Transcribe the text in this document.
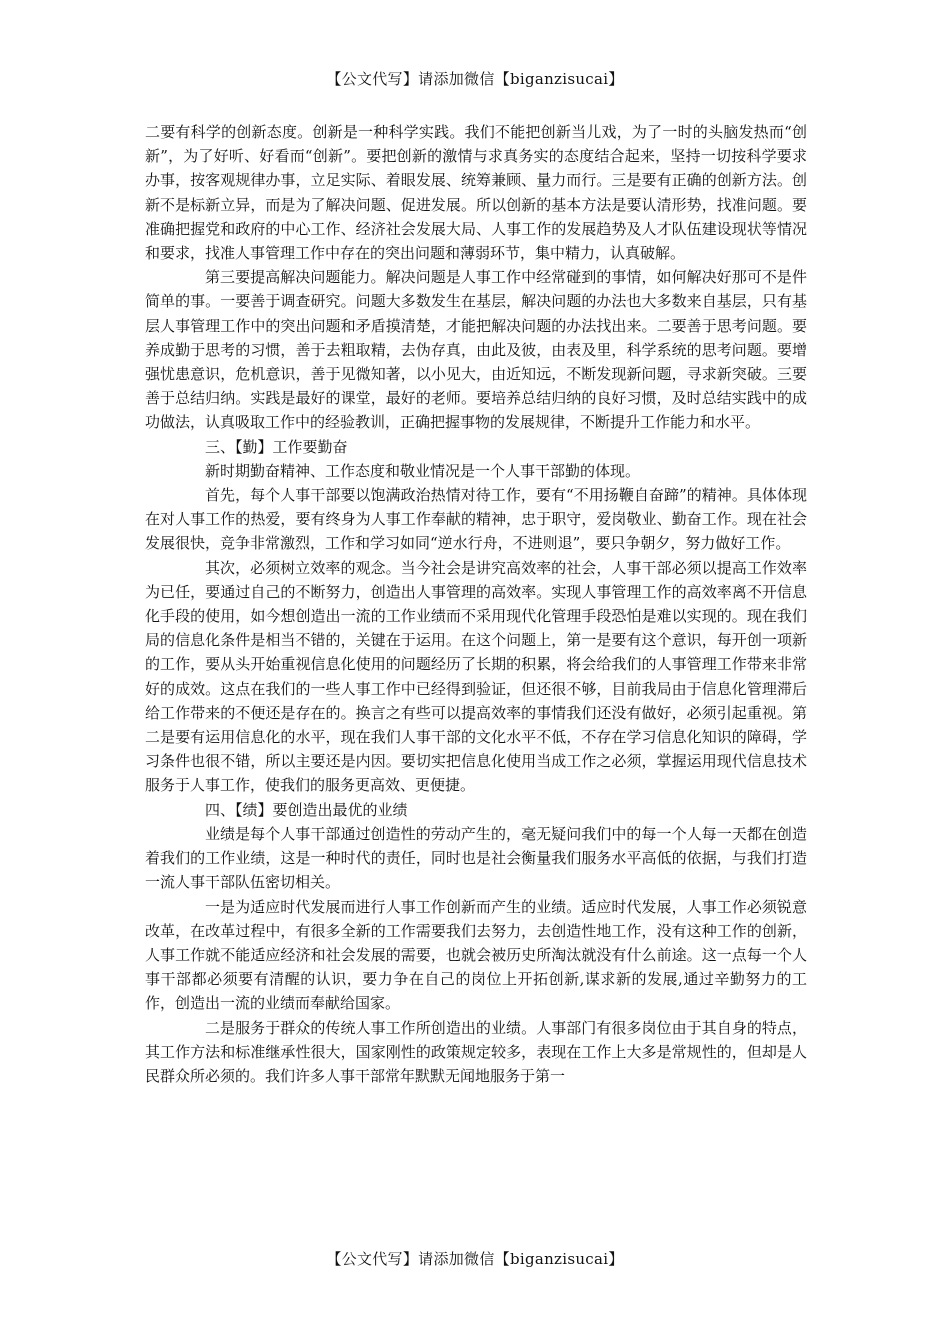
【公文代写】请添加微信【biganzisucai】

二要有科学的创新态度。创新是一种科学实践。我们不能把创新当儿戏，为了一时的头脑发热而“创新”，为了好听、好看而“创新”。要把创新的激情与求真务实的态度结合起来，坚持一切按科学要求办事，按客观规律办事，立足实际、着眼发展、统筹兼顾、量力而行。三是要有正确的创新方法。创新不是标新立异，而是为了解决问题、促进发展。所以创新的基本方法是要认清形势，找准问题。要准确把握党和政府的中心工作、经济社会发展大局、人事工作的发展趋势及人才队伍建设现状等情况和要求，找准人事管理工作中存在的突出问题和薄弱环节，集中精力，认真破解。

第三要提高解决问题能力。解决问题是人事工作中经常碰到的事情，如何解决好那可不是件简单的事。一要善于调查研究。问题大多数发生在基层，解决问题的办法也大多数来自基层，只有基层人事管理工作中的突出问题和矛盾摸清楚，才能把解决问题的办法找出来。二要善于思考问题。要养成勤于思考的习惯，善于去粗取精，去伪存真，由此及彼，由表及里，科学系统的思考问题。要增强忧患意识，危机意识，善于见微知著，以小见大，由近知远，不断发现新问题，寻求新突破。三要善于总结归纳。实践是最好的课堂，最好的老师。要培养总结归纳的良好习惯，及时总结实践中的成功做法，认真吸取工作中的经验教训，正确把握事物的发展规律，不断提升工作能力和水平。

三、【勤】工作要勤奋

新时期勤奋精神、工作态度和敬业情况是一个人事干部勤的体现。

首先，每个人事干部要以饱满政治热情对待工作，要有“不用扬鞭自奋蹄”的精神。具体体现在对人事工作的热爱，要有终身为人事工作奉献的精神，忠于职守，爱岗敬业、勤奋工作。现在社会发展很快，竞争非常激烈，工作和学习如同“逆水行舟，不进则退”，要只争朝夕，努力做好工作。

其次，必须树立效率的观念。当今社会是讲究高效率的社会，人事干部必须以提高工作效率为已任，要通过自己的不断努力，创造出人事管理的高效率。实现人事管理工作的高效率离不开信息化手段的使用，如今想创造出一流的工作业绩而不采用现代化管理手段恐怕是难以实现的。现在我们局的信息化条件是相当不错的，关键在于运用。在这个问题上，第一是要有这个意识，每开创一项新的工作，要从头开始重视信息化使用的问题经历了长期的积累，将会给我们的人事管理工作带来非常好的成效。这点在我们的一些人事工作中已经得到验证，但还很不够，目前我局由于信息化管理滞后给工作带来的不便还是存在的。换言之有些可以提高效率的事情我们还没有做好，必须引起重视。第二是要有运用信息化的水平，现在我们人事干部的文化水平不低，不存在学习信息化知识的障碍，学习条件也很不错，所以主要还是内因。要切实把信息化使用当成工作之必须，掌握运用现代信息技术服务于人事工作，使我们的服务更高效、更便捷。

四、【绩】要创造出最优的业绩

业绩是每个人事干部通过创造性的劳动产生的，毫无疑问我们中的每一个人每一天都在创造着我们的工作业绩，这是一种时代的责任，同时也是社会衡量我们服务水平高低的依据，与我们打造一流人事干部队伍密切相关。

一是为适应时代发展而进行人事工作创新而产生的业绩。适应时代发展，人事工作必须锐意改革，在改革过程中，有很多全新的工作需要我们去努力，去创造性地工作，没有这种工作的创新，人事工作就不能适应经济和社会发展的需要，也就会被历史所淘汰就没有什么前途。这一点每一个人事干部都必须要有清醒的认识，要力争在自己的岗位上开拓创新,谋求新的发展,通过辛勤努力的工作，创造出一流的业绩而奉献给国家。

二是服务于群众的传统人事工作所创造出的业绩。人事部门有很多岗位由于其自身的特点，其工作方法和标准继承性很大，国家刚性的政策规定较多，表现在工作上大多是常规性的，但却是人民群众所必须的。我们许多人事干部常年默默无闻地服务于第一

【公文代写】请添加微信【biganzisucai】
